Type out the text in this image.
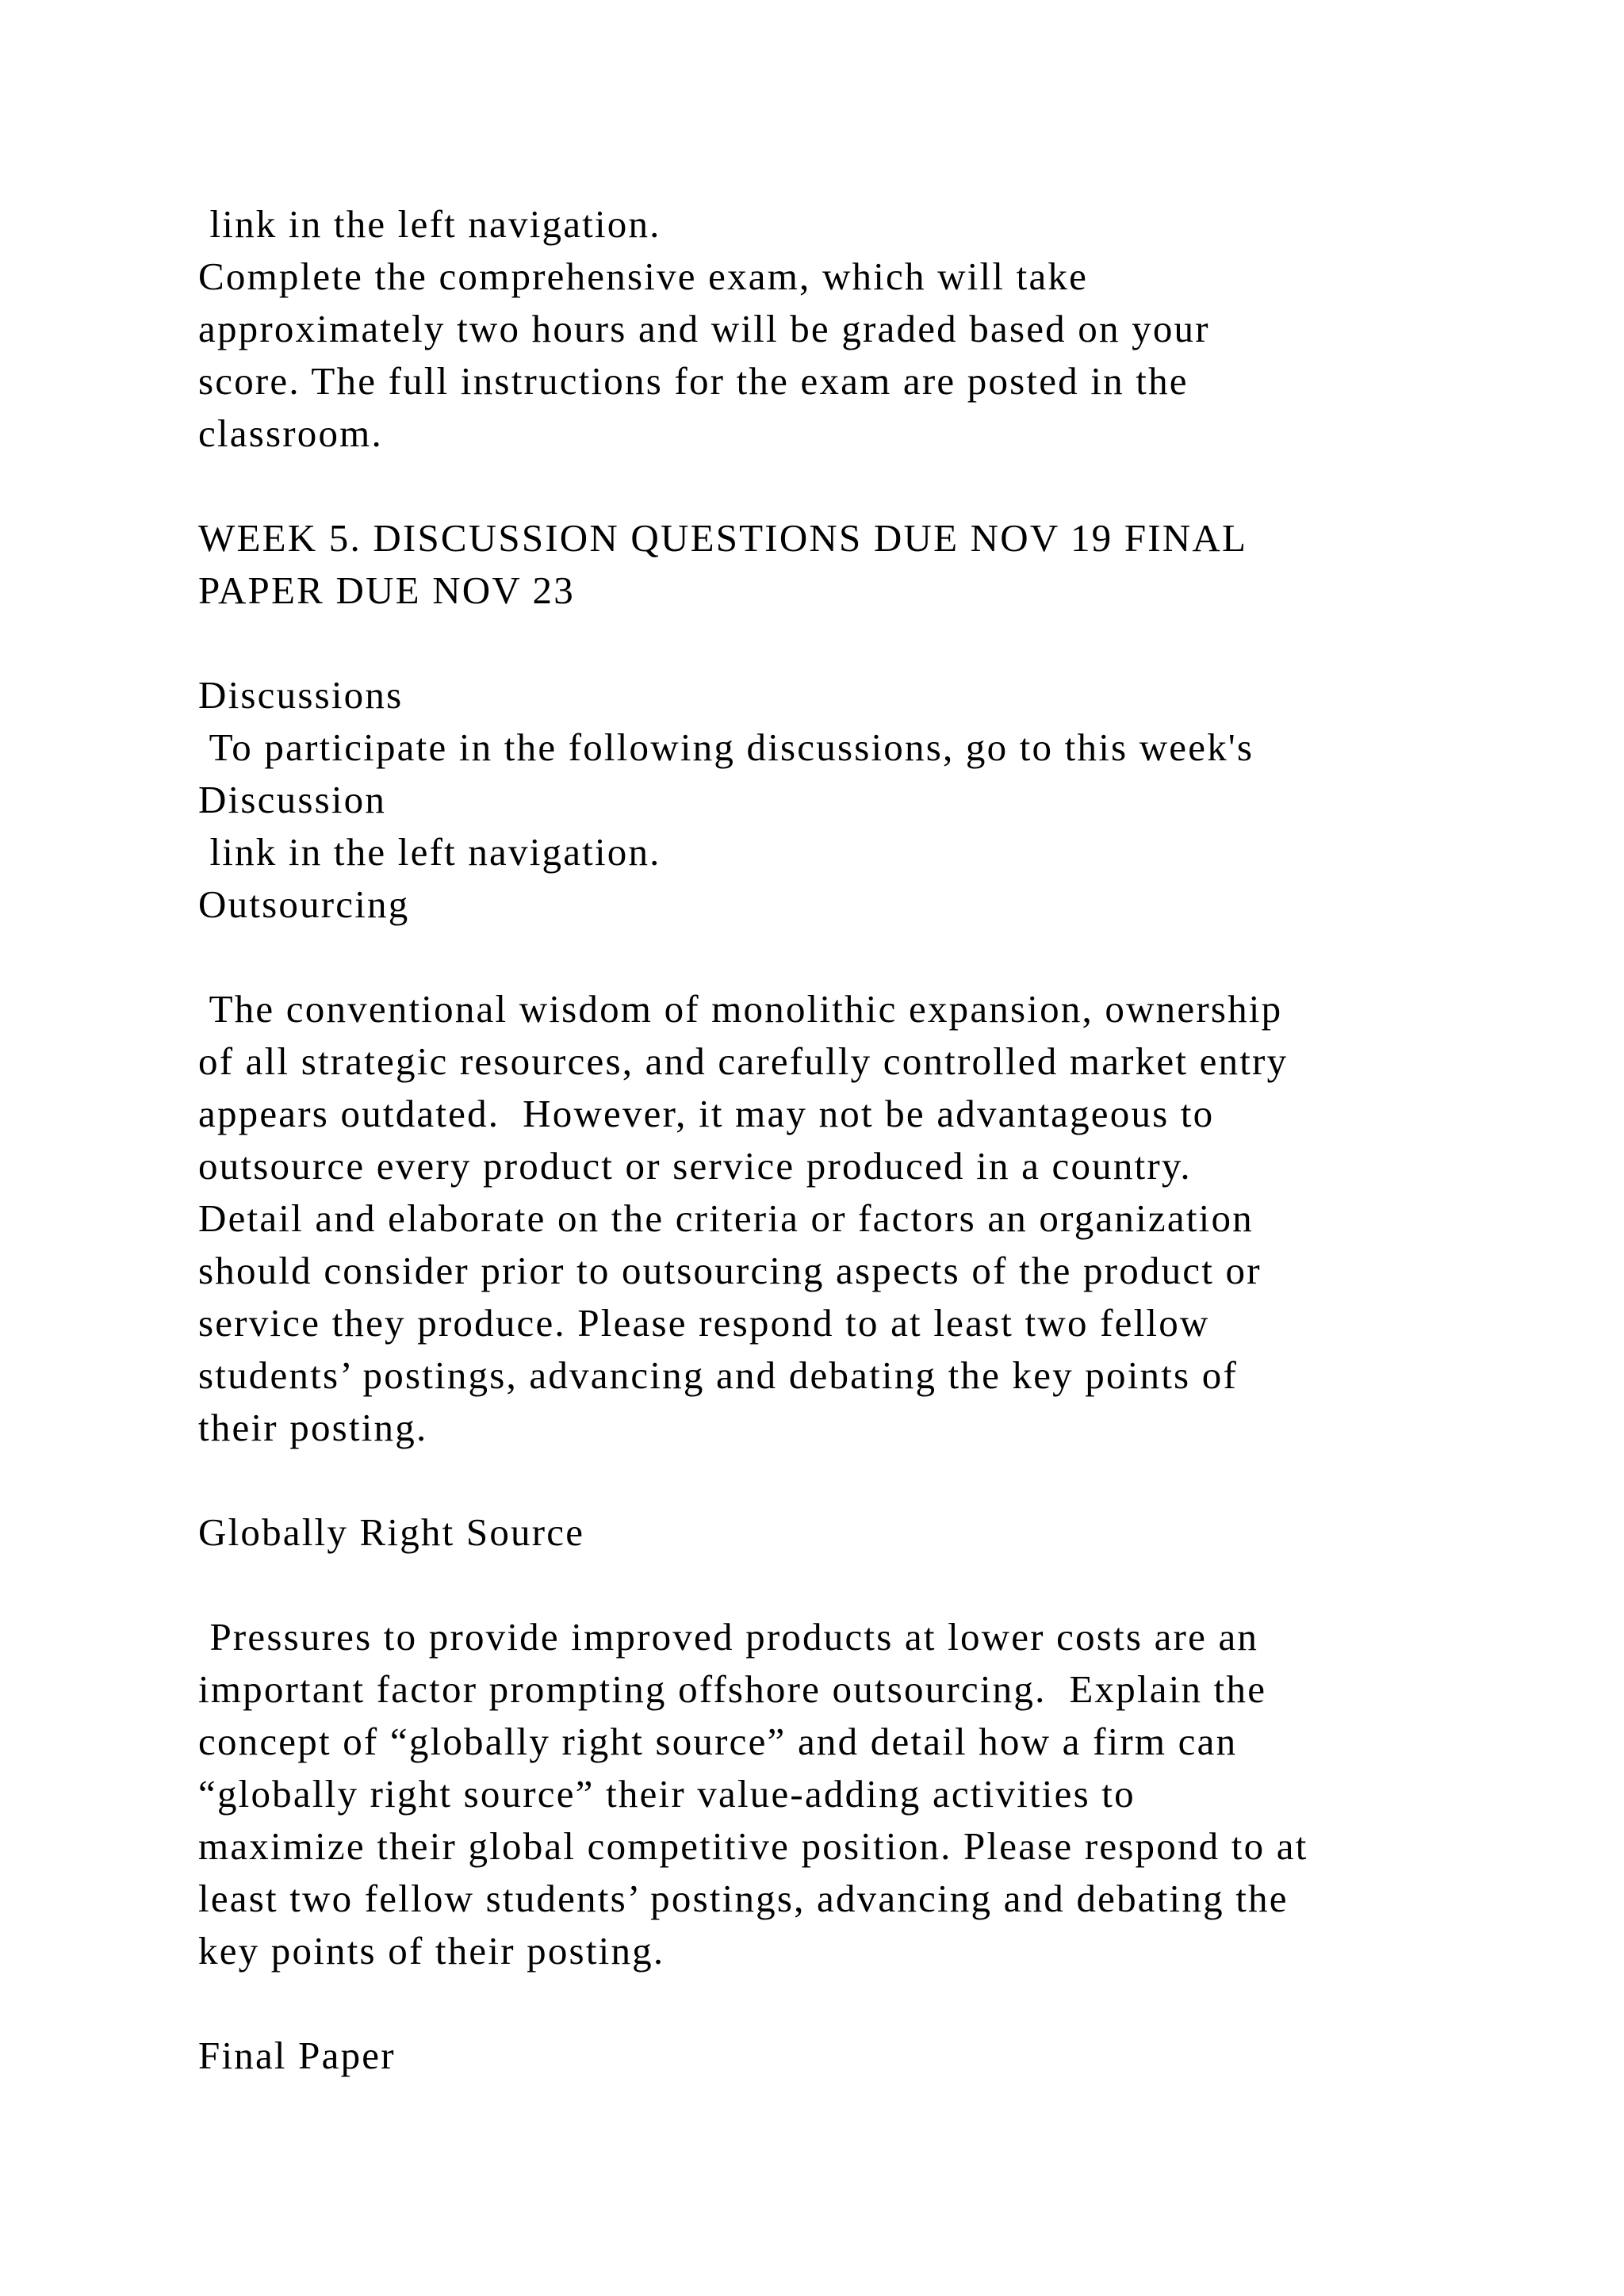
link in the left navigation.
Complete the comprehensive exam, which will take
approximately two hours and will be graded based on your
score. The full instructions for the exam are posted in the
classroom.
WEEK 5. DISCUSSION QUESTIONS DUE NOV 19 FINAL
PAPER DUE NOV 23
Discussions
To participate in the following discussions, go to this week's
Discussion
link in the left navigation.
Outsourcing
The conventional wisdom of monolithic expansion, ownership
of all strategic resources, and carefully controlled market entry
appears outdated.  However, it may not be advantageous to
outsource every product or service produced in a country.
Detail and elaborate on the criteria or factors an organization
should consider prior to outsourcing aspects of the product or
service they produce. Please respond to at least two fellow
students’ postings, advancing and debating the key points of
their posting.
Globally Right Source
Pressures to provide improved products at lower costs are an
important factor prompting offshore outsourcing.  Explain the
concept of “globally right source” and detail how a firm can
“globally right source” their value-adding activities to
maximize their global competitive position. Please respond to at
least two fellow students’ postings, advancing and debating the
key points of their posting.
Final Paper
